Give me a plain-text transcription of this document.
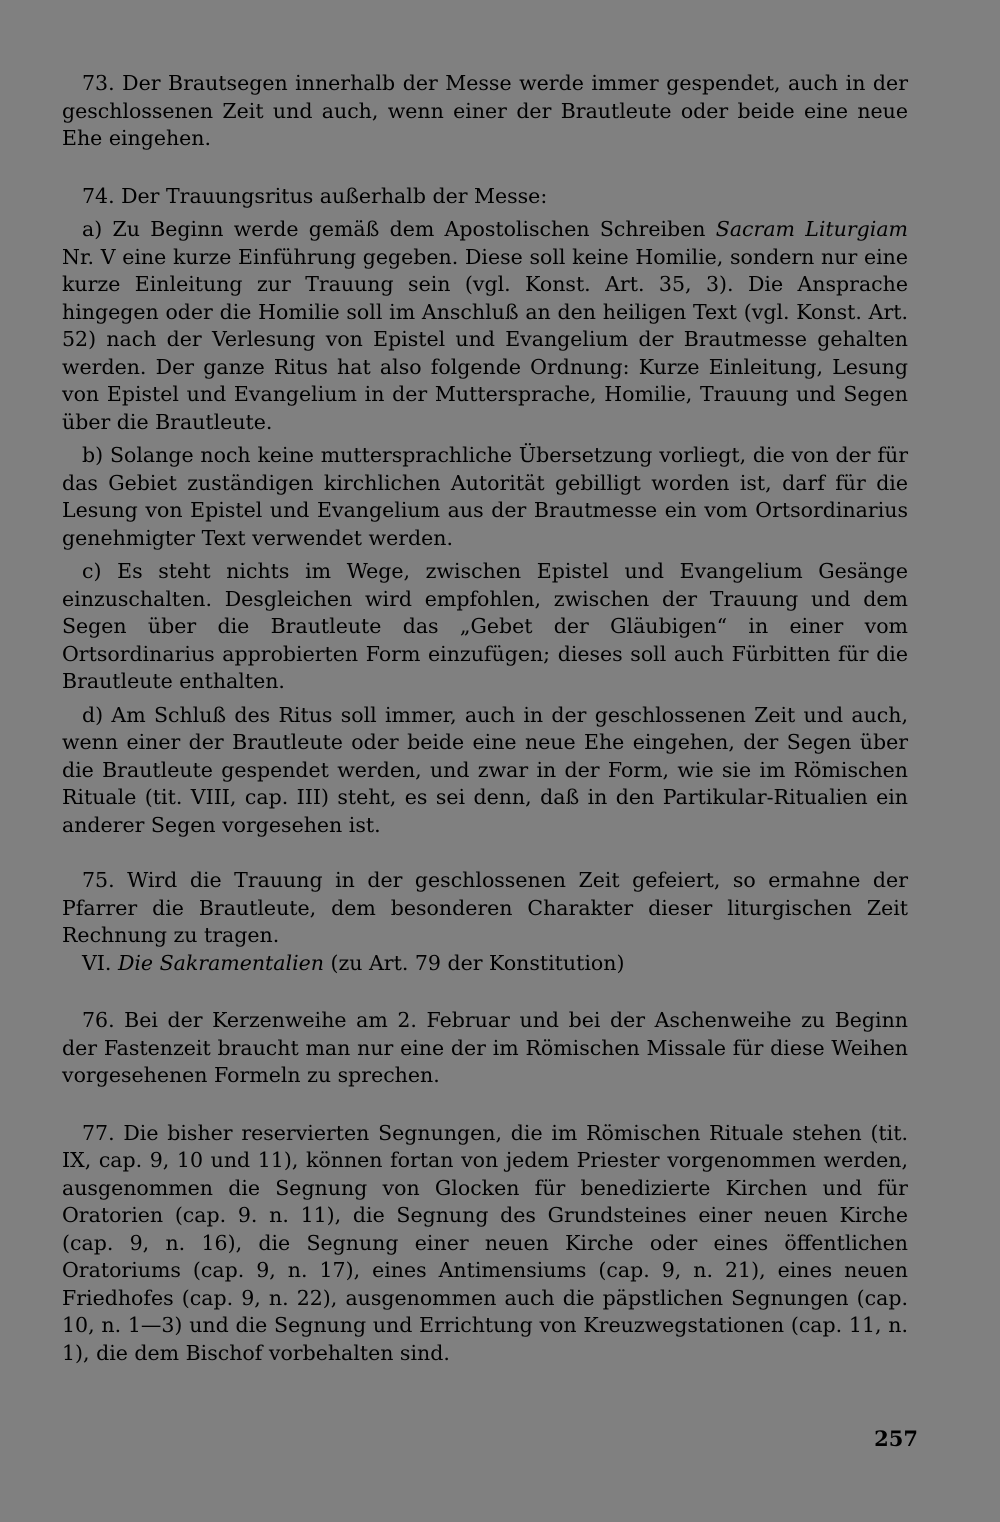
73. Der Brautsegen innerhalb der Messe werde immer gespendet, auch in der geschlossenen Zeit und auch, wenn einer der Brautleute oder beide eine neue Ehe eingehen.

74. Der Trauungsritus außerhalb der Messe:

a) Zu Beginn werde gemäß dem Apostolischen Schreiben Sacram Liturgiam Nr. V eine kurze Einführung gegeben. Diese soll keine Homilie, sondern nur eine kurze Einleitung zur Trauung sein (vgl. Konst. Art. 35, 3). Die Ansprache hingegen oder die Homilie soll im Anschluß an den heiligen Text (vgl. Konst. Art. 52) nach der Verlesung von Epistel und Evangelium der Brautmesse gehalten werden. Der ganze Ritus hat also folgende Ordnung: Kurze Einleitung, Lesung von Epistel und Evangelium in der Muttersprache, Homilie, Trauung und Segen über die Brautleute.

b) Solange noch keine muttersprachliche Übersetzung vorliegt, die von der für das Gebiet zuständigen kirchlichen Autorität gebilligt worden ist, darf für die Lesung von Epistel und Evangelium aus der Brautmesse ein vom Ortsordinarius genehmigter Text verwendet werden.

c) Es steht nichts im Wege, zwischen Epistel und Evangelium Gesänge einzuschalten. Desgleichen wird empfohlen, zwischen der Trauung und dem Segen über die Brautleute das „Gebet der Gläubigen“ in einer vom Ortsordinarius approbierten Form einzufügen; dieses soll auch Fürbitten für die Brautleute enthalten.

d) Am Schluß des Ritus soll immer, auch in der geschlossenen Zeit und auch, wenn einer der Brautleute oder beide eine neue Ehe eingehen, der Segen über die Brautleute gespendet werden, und zwar in der Form, wie sie im Römischen Rituale (tit. VIII, cap. III) steht, es sei denn, daß in den Partikular-Ritualien ein anderer Segen vorgesehen ist.

75. Wird die Trauung in der geschlossenen Zeit gefeiert, so ermahne der Pfarrer die Brautleute, dem besonderen Charakter dieser liturgischen Zeit Rechnung zu tragen.

VI. Die Sakramentalien (zu Art. 79 der Konstitution)

76. Bei der Kerzenweihe am 2. Februar und bei der Aschenweihe zu Beginn der Fastenzeit braucht man nur eine der im Römischen Missale für diese Weihen vorgesehenen Formeln zu sprechen.

77. Die bisher reservierten Segnungen, die im Römischen Rituale stehen (tit. IX, cap. 9, 10 und 11), können fortan von jedem Priester vorgenommen werden, ausgenommen die Segnung von Glocken für benedizierte Kirchen und für Oratorien (cap. 9. n. 11), die Segnung des Grundsteines einer neuen Kirche (cap. 9, n. 16), die Segnung einer neuen Kirche oder eines öffentlichen Oratoriums (cap. 9, n. 17), eines Antimensiums (cap. 9, n. 21), eines neuen Friedhofes (cap. 9, n. 22), ausgenommen auch die päpstlichen Segnungen (cap. 10, n. 1—3) und die Segnung und Errichtung von Kreuzwegstationen (cap. 11, n. 1), die dem Bischof vorbehalten sind.

257
